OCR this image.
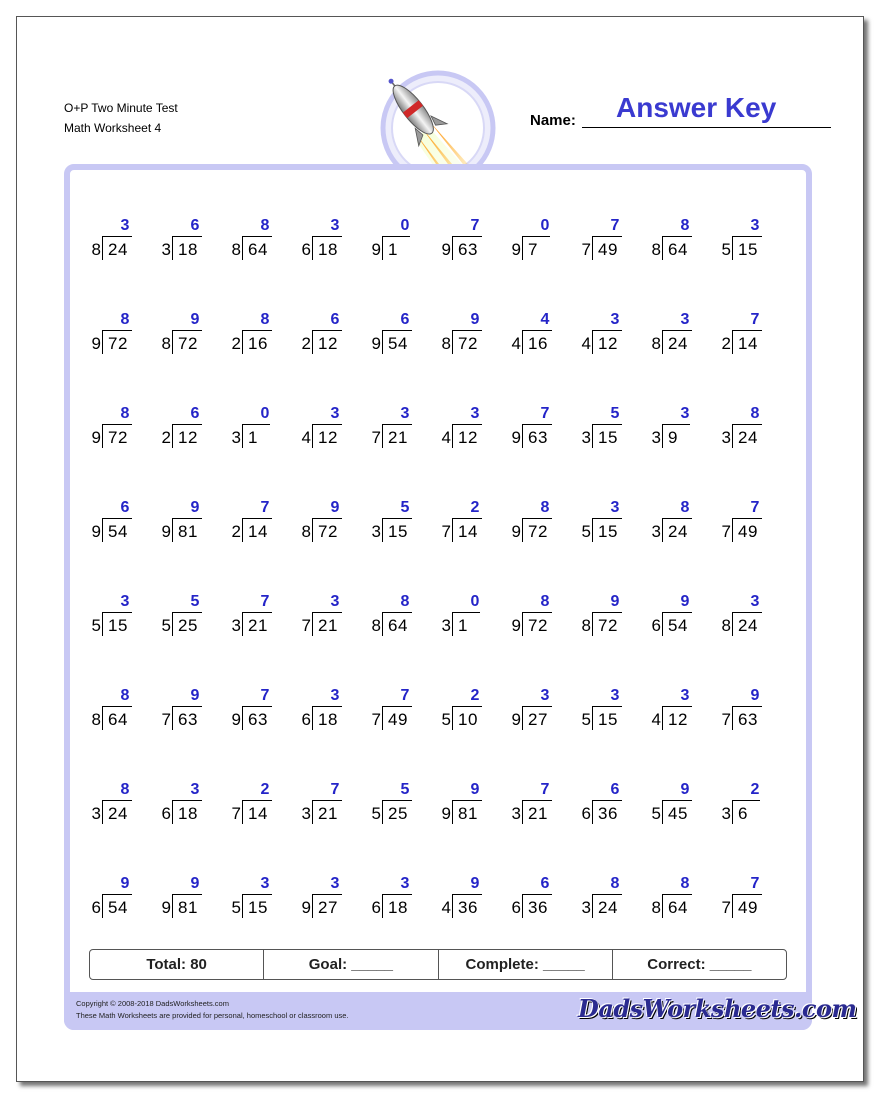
O+P Two Minute Test
Math Worksheet 4	Name: Answer Key
3
8 24
6
3 18
8
8 64
3
6 18
0
9 1
7
9 63
0
9 7
7
7 49
8
8 64
3
5 15
8
9 72
9
8 72
8
2 16
6
2 12
6
9 54
9
8 72
4
4 16
3
4 12
3
8 24
7
2 14
8
9 72
6
2 12
0
3 1
3
4 12
3
7 21
3
4 12
7
9 63
5
3 15
3
3 9
8
3 24
6
9 54
9
9 81
7
2 14
9
8 72
5
3 15
2
7 14
8
9 72
3
5 15
8
3 24
7
7 49
3
5 15
5
5 25
7
3 21
3
7 21
8
8 64
0
3 1
8
9 72
9
8 72
9
6 54
3
8 24
8
8 64
9
7 63
7
9 63
3
6 18
7
7 49
2
5 10
3
9 27
3
5 15
3
4 12
9
7 63
8
3 24
3
6 18
2
7 14
7
3 21
5
5 25
9
9 81
7
3 21
6
6 36
9
5 45
2
3 6
9
6 54
9
9 81
3
5 15
3
9 27
3
6 18
9
4 36
6
6 36
8
3 24
8
8 64
7
7 49
Total: 80	Goal: _____	Complete: _____	Correct: _____
Copyright © 2008-2018 DadsWorksheets.com
These Math Worksheets are provided for personal, homeschool or classroom use.	DadsWorksheets.com
